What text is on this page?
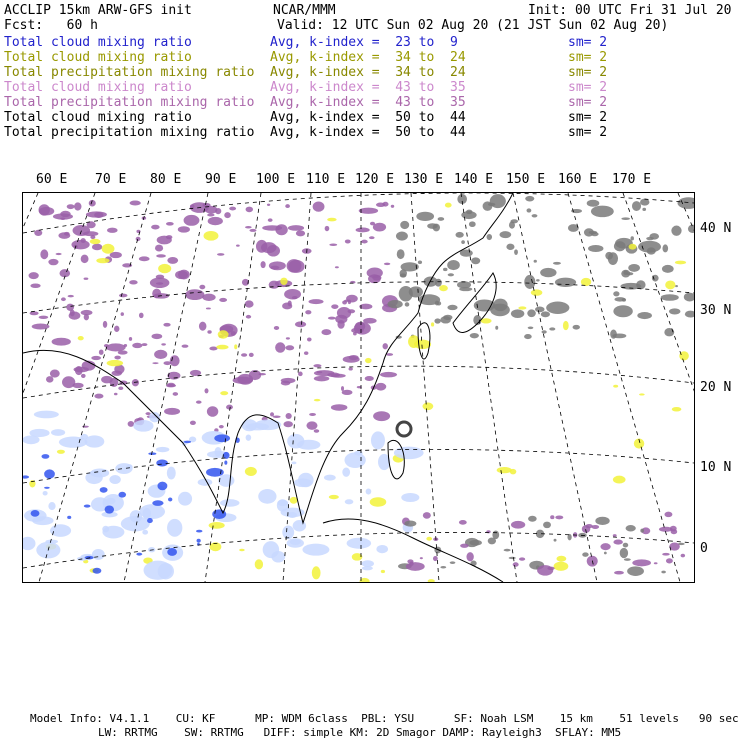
ACCLIP 15km ARW-GFS init	NCAR/MMM	Init: 00 UTC Fri 31 Jul 20
Fcst:   60 h	Valid: 12 UTC Sun 02 Aug 20 (21 JST Sun 02 Aug 20)
Total cloud mixing ratio	Avg, k-index =  23 to  9	sm= 2
Total cloud mixing ratio	Avg, k-index =  34 to  24	sm= 2
Total precipitation mixing ratio Avg, k-index =  34 to  24	sm= 2
Total cloud mixing ratio	Avg, k-index =  43 to  35	sm= 2
Total precipitation mixing ratio Avg, k-index =  43 to  35	sm= 2
Total cloud mixing ratio	Avg, k-index =  50 to  44	sm= 2
Total precipitation mixing ratio Avg, k-index =  50 to  44	sm= 2
60 E 70 E 80 E 90 E 100 E 110 E 120 E 130 E 140 E 150 E 160 E 170 E
40 N
30 N
20 N
10 N
0
Model Info: V4.1.1    CU: KF      MP: WDM 6class  PBL: YSU      SF: Noah LSM    15 km    51 levels   90 sec
LW: RRTMG    SW: RRTMG   DIFF: simple KM: 2D Smagor DAMP: Rayleigh3  SFLAY: MM5
